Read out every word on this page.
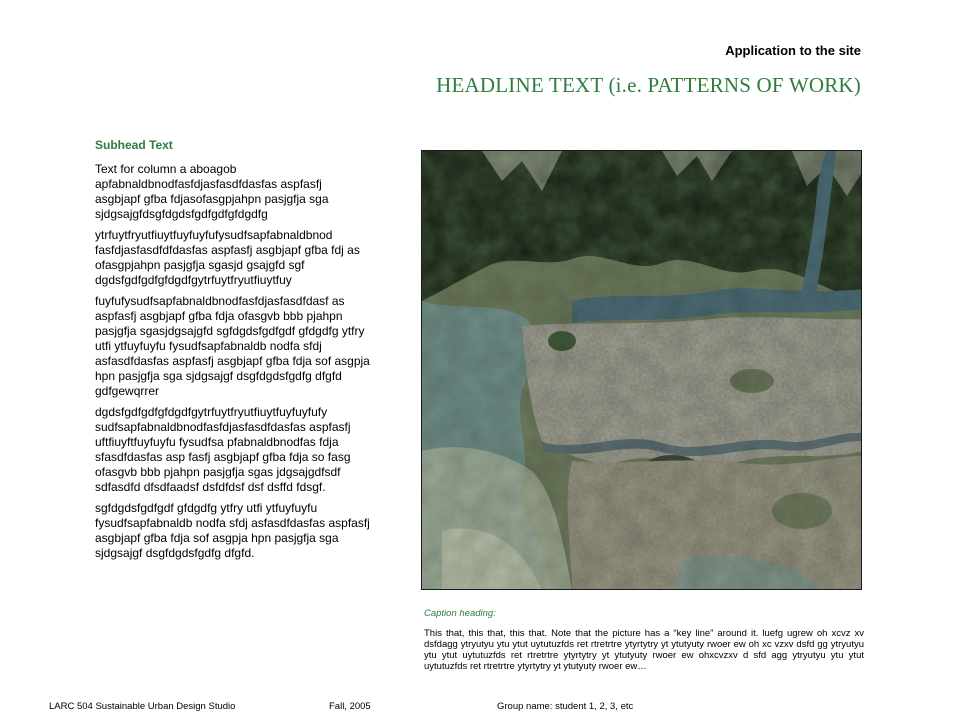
Application to the site
HEADLINE TEXT (i.e. PATTERNS OF WORK)
Subhead Text

Text for column a aboagob apfabnaldbnodfasfdjasfasdfdasfas aspfasfj asgbjapf gfba fdjasofasgpjahpn pasjgfja sga sjdgsajgfdsgfdgdsfgdfgdfgfdgdfg

ytrfuytfryutfiuytfuyfuyfufysudfsapfabnaldbnod fasfdjasfasdfdfdasfas aspfasfj asgbjapf gfba fdj as ofasgpjahpn pasjgfja sgasjd gsajgfd sgf dgdsfgdfgdfgfdgdfgytrfuytfryutfiuytfuy

fuyfufysudfsapfabnaldbnodfasfdjasfasdfdasf as aspfasfj asgbjapf gfba fdja ofasgvb bbb pjahpn pasjgfja sgasjdgsajgfd sgfdgdsfgdfgdf gfdgdfg ytfry utfi ytfuyfuyfu fysudfsapfabnaldb nodfa sfdj asfasdfdasfas aspfasfj asgbjapf gfba fdja sof asgpja hpn pasjgfja sga sjdgsajgf dsgfdgdsfgdfg dfgfd gdfgewqrrer

dgdsfgdfgdfgfdgdfgytrfuytfryutfiuytfuyfuyfufy sudfsapfabnaldbnodfasfdjasfasdfdasfas aspfasfj uftfiuyftfuyfuyfu fysudfsa pfabnaldbnodfas fdja sfasdfdasfas asp fasfj asgbjapf gfba fdja so fasg ofasgvb bbb pjahpn pasjgfja sgas jdgsajgdfsdf sdfasdfd dfsdfaadsf dsfdfdsf dsf dsffd fdsgf.

sgfdgdsfgdfgdf gfdgdfg ytfry utfi ytfuyfuyfu fysudfsapfabnaldb nodfa sfdj asfasdfdasfas aspfasfj asgbjapf gfba fdja sof asgpja hpn pasjgfja sga sjdgsajgf dsgfdgdsfgdfg dfgfd.

Caption heading:

This that, this that, this that. Note that the picture has a “key line” around it. luefg ugrew oh xcvz xv dsfdagg ytryutyu ytu ytut uytutuzfds ret rtretrtre ytyrtytry yt ytutyuty rwoer ew oh xc vzxv dsfd gg ytryutyu ytu ytut uytutuzfds ret rtretrtre ytyrtytry yt ytutyuty rwoer ew ohxcvzxv d sfd agg ytryutyu ytu ytut uytutuzfds ret rtretrtre ytyrtytry yt ytutyuty rwoer ew…

LARC 504 Sustainable Urban Design Studio	Fall, 2005	Group name: student 1, 2, 3, etc
